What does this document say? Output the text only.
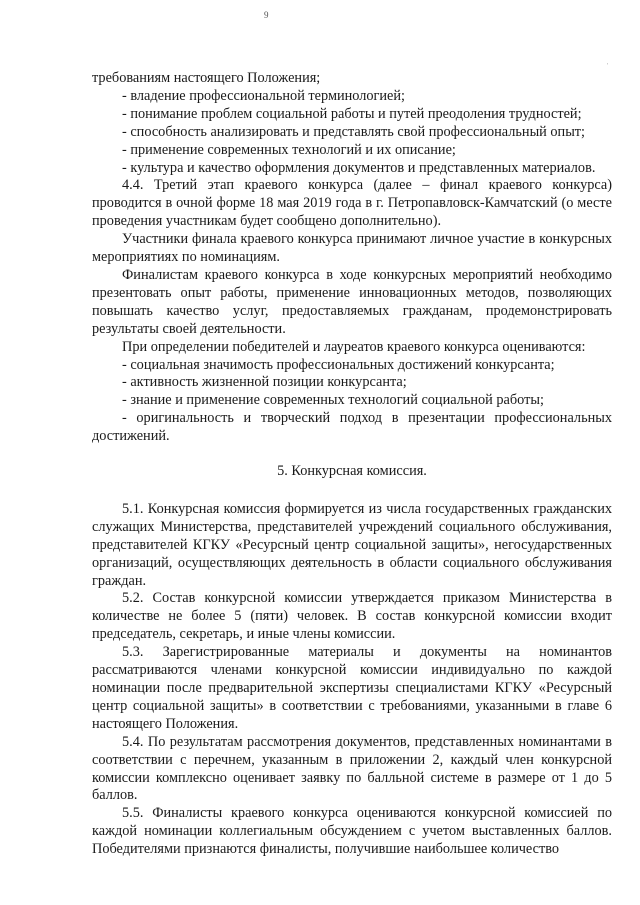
9
'

требованиям настоящего Положения;

- владение профессиональной терминологией;

- понимание проблем социальной работы и путей преодоления трудностей;

- способность анализировать и представлять свой профессиональный опыт;

- применение современных технологий и их описание;

- культура и качество оформления документов и представленных материалов.

4.4. Третий этап краевого конкурса (далее – финал краевого конкурса) проводится в очной форме 18 мая 2019 года в г. Петропавловск-Камчатский (о месте проведения участникам будет сообщено дополнительно).

Участники финала краевого конкурса принимают личное участие в конкурсных мероприятиях по номинациям.

Финалистам краевого конкурса в ходе конкурсных мероприятий необходимо презентовать опыт работы, применение инновационных методов, позволяющих повышать качество услуг, предоставляемых гражданам, продемонстрировать результаты своей деятельности.

При определении победителей и лауреатов краевого конкурса оцениваются:

- социальная значимость профессиональных достижений конкурсанта;

- активность жизненной позиции конкурсанта;

- знание и применение современных технологий социальной работы;

- оригинальность и творческий подход в презентации профессиональных достижений.

5. Конкурсная комиссия.

5.1. Конкурсная комиссия формируется из числа государственных гражданских служащих Министерства, представителей учреждений социального обслуживания, представителей КГКУ «Ресурсный центр социальной защиты», негосударственных организаций, осуществляющих деятельность в области социального обслуживания граждан.

5.2. Состав конкурсной комиссии утверждается приказом Министерства в количестве не более 5 (пяти) человек. В состав конкурсной комиссии входит председатель, секретарь, и иные члены комиссии.

5.3. Зарегистрированные материалы и документы на номинантов рассматриваются членами конкурсной комиссии индивидуально по каждой номинации после предварительной экспертизы специалистами КГКУ «Ресурсный центр социальной защиты» в соответствии с требованиями, указанными в главе 6 настоящего Положения.

5.4. По результатам рассмотрения документов, представленных номинантами в соответствии с перечнем, указанным в приложении 2, каждый член конкурсной комиссии комплексно оценивает заявку по балльной системе в размере от 1 до 5 баллов.

5.5. Финалисты краевого конкурса оцениваются конкурсной комиссией по каждой номинации коллегиальным обсуждением с учетом выставленных баллов. Победителями признаются финалисты, получившие наибольшее количество
